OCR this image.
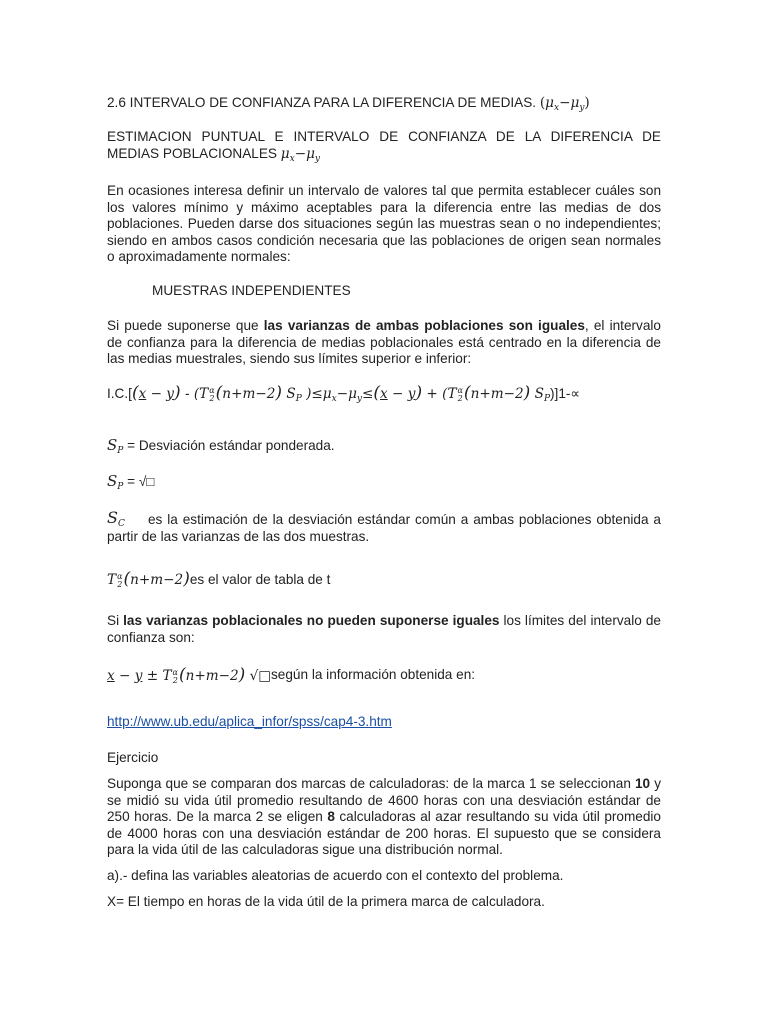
2.6 INTERVALO DE CONFIANZA PARA LA DIFERENCIA DE MEDIAS. $(\mu_x-\mu_y)$
ESTIMACION PUNTUAL E INTERVALO DE CONFIANZA DE LA DIFERENCIA DE
MEDIAS POBLACIONALES $\mu_x-\mu_y$
En ocasiones interesa definir un intervalo de valores tal que permita establecer cuáles son los valores mínimo y máximo aceptables para la diferencia entre las medias de dos poblaciones. Pueden darse dos situaciones según las muestras sean o no independientes; siendo en ambos casos condición necesaria que las poblaciones de origen sean normales o aproximadamente normales:
MUESTRAS INDEPENDIENTES
Si puede suponerse que las varianzas de ambas poblaciones son iguales, el intervalo de confianza para la diferencia de medias poblacionales está centrado en la diferencia de las medias muestrales, siendo sus límites superior e inferior:
I.C.[(x − y) - (T α
2 (n+m−2) $S_P$ )$\le\mu_x-\mu_y\le(x - y) + (T$ α
2 (n+m−2) $S_P)]1-\propto$
$S_P$ = Desviación estándar ponderada.
$S_P$ = √□
$S_C$	es la estimación de la desviación estándar común a ambas poblaciones obtenida a partir de las varianzas de las dos muestras.
T α
2 (n+m−2)es el valor de tabla de t
Si las varianzas poblacionales no pueden suponerse iguales los límites del intervalo de confianza son:
x − y ± T α
2 (n+m−2) √□ según la información obtenida en:
http://www.ub.edu/aplica_infor/spss/cap4-3.htm
Ejercicio
Suponga que se comparan dos marcas de calculadoras: de la marca 1 se seleccionan 10 y se midió su vida útil promedio resultando de 4600 horas con una desviación estándar de 250 horas. De la marca 2 se eligen 8 calculadoras al azar resultando su vida útil promedio de 4000 horas con una desviación estándar de 200 horas. El supuesto que se considera para la vida útil de las calculadoras sigue una distribución normal.
a).- defina las variables aleatorias de acuerdo con el contexto del problema.
X= El tiempo en horas de la vida útil de la primera marca de calculadora.
